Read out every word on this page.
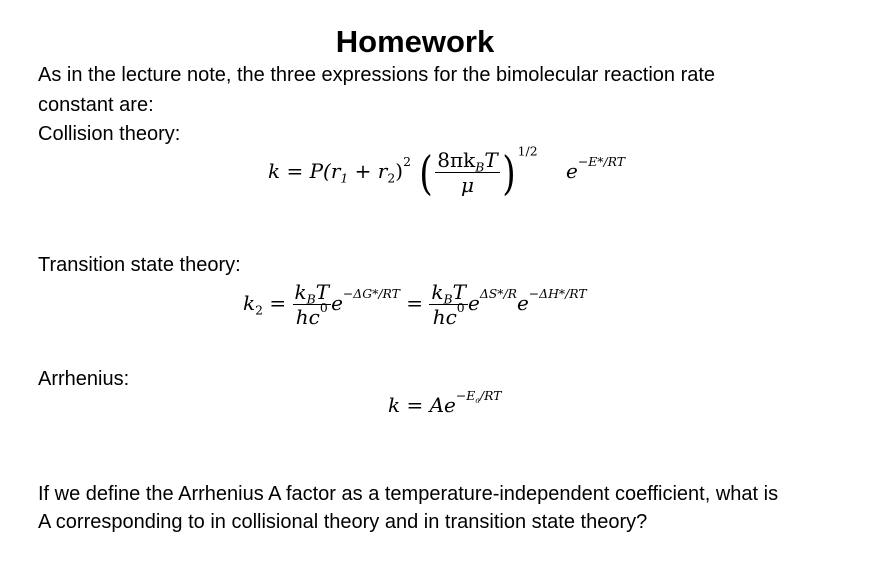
Homework
As in the lecture note, the three expressions for the bimolecular reaction rate
constant are:
Collision theory:
$k = P(r_1 + r_2)^2$ ( $\frac{8\pi k_BT}{\mu}$ ) $^{1/2}$ $e^{-E*/RT}$
Transition state theory:
$k_2 = \frac{k_BT}{hc^0} e^{-\Delta G*/RT} = \frac{k_BT}{hc^0} e^{\Delta S*/R}e^{-\Delta H*/RT}$
Arrhenius:
$k = Ae^{-E_a/RT}$
If we define the Arrhenius A factor as a temperature-independent coefficient, what is
A corresponding to in collisional theory and in transition state theory?
